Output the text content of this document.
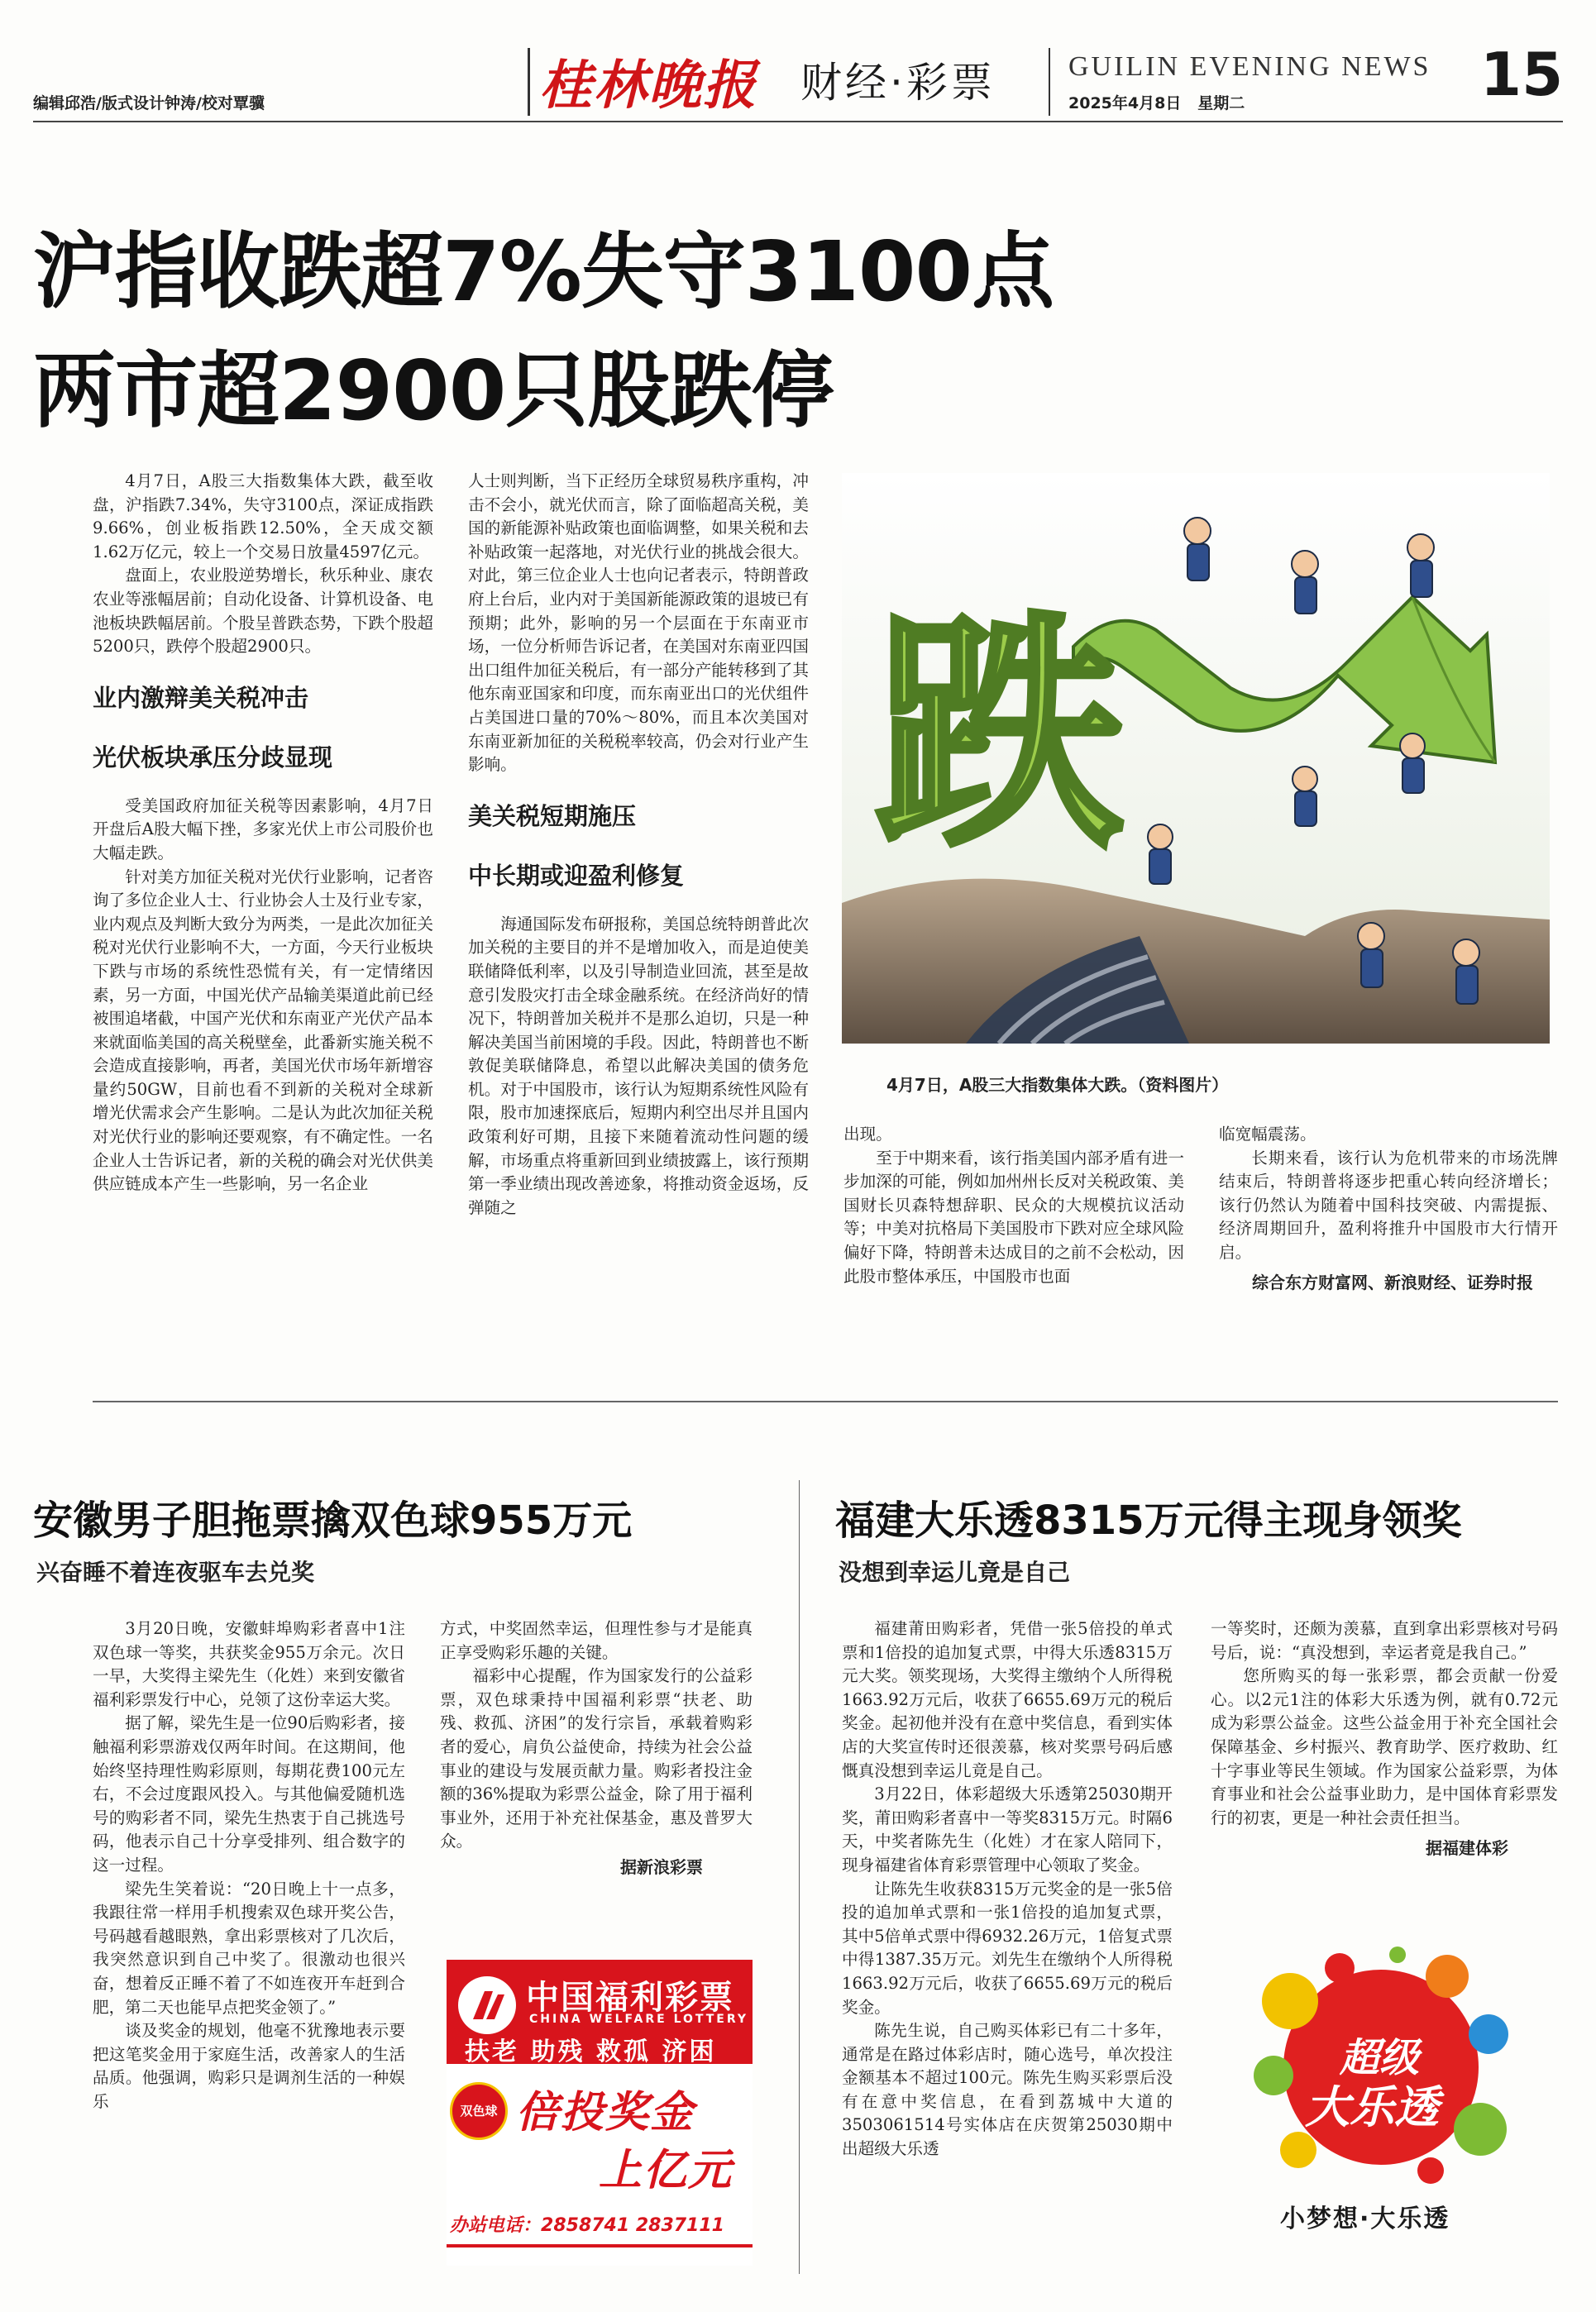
编辑邱浩/版式设计钟涛/校对覃骥	桂林晚报 财经·彩票	GUILIN EVENING NEWS
2025年4月8日 星期二	15
沪指收跌超7%失守3100点
两市超2900只股跌停

4月7日，A股三大指数集体大跌，截至收盘，沪指跌7.34%，失守3100点，深证成指跌9.66%，创业板指跌12.50%，全天成交额1.62万亿元，较上一个交易日放量4597亿元。

盘面上，农业股逆势增长，秋乐种业、康农农业等涨幅居前；自动化设备、计算机设备、电池板块跌幅居前。个股呈普跌态势，下跌个股超5200只，跌停个股超2900只。

业内激辩美关税冲击
光伏板块承压分歧显现

受美国政府加征关税等因素影响，4月7日开盘后A股大幅下挫，多家光伏上市公司股价也大幅走跌。

针对美方加征关税对光伏行业影响，记者咨询了多位企业人士、行业协会人士及行业专家，业内观点及判断大致分为两类，一是此次加征关税对光伏行业影响不大，一方面，今天行业板块下跌与市场的系统性恐慌有关，有一定情绪因素，另一方面，中国光伏产品输美渠道此前已经被围追堵截，中国产光伏和东南亚产光伏产品本来就面临美国的高关税壁垒，此番新实施关税不会造成直接影响，再者，美国光伏市场年新增容量约50GW，目前也看不到新的关税对全球新增光伏需求会产生影响。二是认为此次加征关税对光伏行业的影响还要观察，有不确定性。一名企业人士告诉记者，新的关税的确会对光伏供美供应链成本产生一些影响，另一名企业

人士则判断，当下正经历全球贸易秩序重构，冲击不会小，就光伏而言，除了面临超高关税，美国的新能源补贴政策也面临调整，如果关税和去补贴政策一起落地，对光伏行业的挑战会很大。对此，第三位企业人士也向记者表示，特朗普政府上台后，业内对于美国新能源政策的退坡已有预期；此外，影响的另一个层面在于东南亚市场，一位分析师告诉记者，在美国对东南亚四国出口组件加征关税后，有一部分产能转移到了其他东南亚国家和印度，而东南亚出口的光伏组件占美国进口量的70%～80%，而且本次美国对东南亚新加征的关税税率较高，仍会对行业产生影响。

美关税短期施压
中长期或迎盈利修复

海通国际发布研报称，美国总统特朗普此次加关税的主要目的并不是增加收入，而是迫使美联储降低利率，以及引导制造业回流，甚至是故意引发股灾打击全球金融系统。在经济尚好的情况下，特朗普加关税并不是那么迫切，只是一种解决美国当前困境的手段。因此，特朗普也不断敦促美联储降息，希望以此解决美国的债务危机。对于中国股市，该行认为短期系统性风险有限，股市加速探底后，短期内利空出尽并且国内政策利好可期，且接下来随着流动性问题的缓解，市场重点将重新回到业绩披露上，该行预期第一季业绩出现改善迹象，将推动资金返场，反弹随之

跌
4月7日，A股三大指数集体大跌。（资料图片）

出现。

至于中期来看，该行指美国内部矛盾有进一步加深的可能，例如加州州长反对关税政策、美国财长贝森特想辞职、民众的大规模抗议活动等；中美对抗格局下美国股市下跌对应全球风险偏好下降，特朗普未达成目的之前不会松动，因此股市整体承压，中国股市也面

临宽幅震荡。

长期来看，该行认为危机带来的市场洗牌结束后，特朗普将逐步把重心转向经济增长；该行仍然认为随着中国科技突破、内需提振、经济周期回升，盈利将推升中国股市大行情开启。

综合东方财富网、新浪财经、证券时报
安徽男子胆拖票擒双色球955万元
兴奋睡不着连夜驱车去兑奖

3月20日晚，安徽蚌埠购彩者喜中1注双色球一等奖，共获奖金955万余元。次日一早，大奖得主梁先生（化姓）来到安徽省福利彩票发行中心，兑领了这份幸运大奖。

据了解，梁先生是一位90后购彩者，接触福利彩票游戏仅两年时间。在这期间，他始终坚持理性购彩原则，每期花费100元左右，不会过度跟风投入。与其他偏爱随机选号的购彩者不同，梁先生热衷于自己挑选号码，他表示自己十分享受排列、组合数字的这一过程。

梁先生笑着说：“20日晚上十一点多，我跟往常一样用手机搜索双色球开奖公告，号码越看越眼熟，拿出彩票核对了几次后，我突然意识到自己中奖了。很激动也很兴奋，想着反正睡不着了不如连夜开车赶到合肥，第二天也能早点把奖金领了。”

谈及奖金的规划，他毫不犹豫地表示要把这笔奖金用于家庭生活，改善家人的生活品质。他强调，购彩只是调剂生活的一种娱乐

方式，中奖固然幸运，但理性参与才是能真正享受购彩乐趣的关键。

福彩中心提醒，作为国家发行的公益彩票，双色球秉持中国福利彩票“扶老、助残、救孤、济困”的发行宗旨，承载着购彩者的爱心，肩负公益使命，持续为社会公益事业的建设与发展贡献力量。购彩者投注金额的36%提取为彩票公益金，除了用于福利事业外，还用于补充社保基金，惠及普罗大众。

据新浪彩票
中国福利彩票
CHINA WELFARE LOTTERY
扶老 助残 救孤 济困
双色球 倍投奖金
上亿元
办站电话：2858741 2837111
福建大乐透8315万元得主现身领奖
没想到幸运儿竟是自己

福建莆田购彩者，凭借一张5倍投的单式票和1倍投的追加复式票，中得大乐透8315万元大奖。领奖现场，大奖得主缴纳个人所得税1663.92万元后，收获了6655.69万元的税后奖金。起初他并没有在意中奖信息，看到实体店的大奖宣传时还很羡慕，核对奖票号码后感慨真没想到幸运儿竟是自己。

3月22日，体彩超级大乐透第25030期开奖，莆田购彩者喜中一等奖8315万元。时隔6天，中奖者陈先生（化姓）才在家人陪同下，现身福建省体育彩票管理中心领取了奖金。

让陈先生收获8315万元奖金的是一张5倍投的追加单式票和一张1倍投的追加复式票，其中5倍单式票中得6932.26万元，1倍复式票中得1387.35万元。刘先生在缴纳个人所得税1663.92万元后，收获了6655.69万元的税后奖金。

陈先生说，自己购买体彩已有二十多年，通常是在路过体彩店时，随心选号，单次投注金额基本不超过100元。陈先生购买彩票后没有在意中奖信息，在看到荔城中大道的3503061514号实体店在庆贺第25030期中出超级大乐透

一等奖时，还颇为羡慕，直到拿出彩票核对号码号后，说：“真没想到，幸运者竟是我自己。”

您所购买的每一张彩票，都会贡献一份爱心。以2元1注的体彩大乐透为例，就有0.72元成为彩票公益金。这些公益金用于补充全国社会保障基金、乡村振兴、教育助学、医疗救助、红十字事业等民生领域。作为国家公益彩票，为体育事业和社会公益事业助力，是中国体育彩票发行的初衷，更是一种社会责任担当。

据福建体彩
超级
大乐透
小梦想·大乐透
